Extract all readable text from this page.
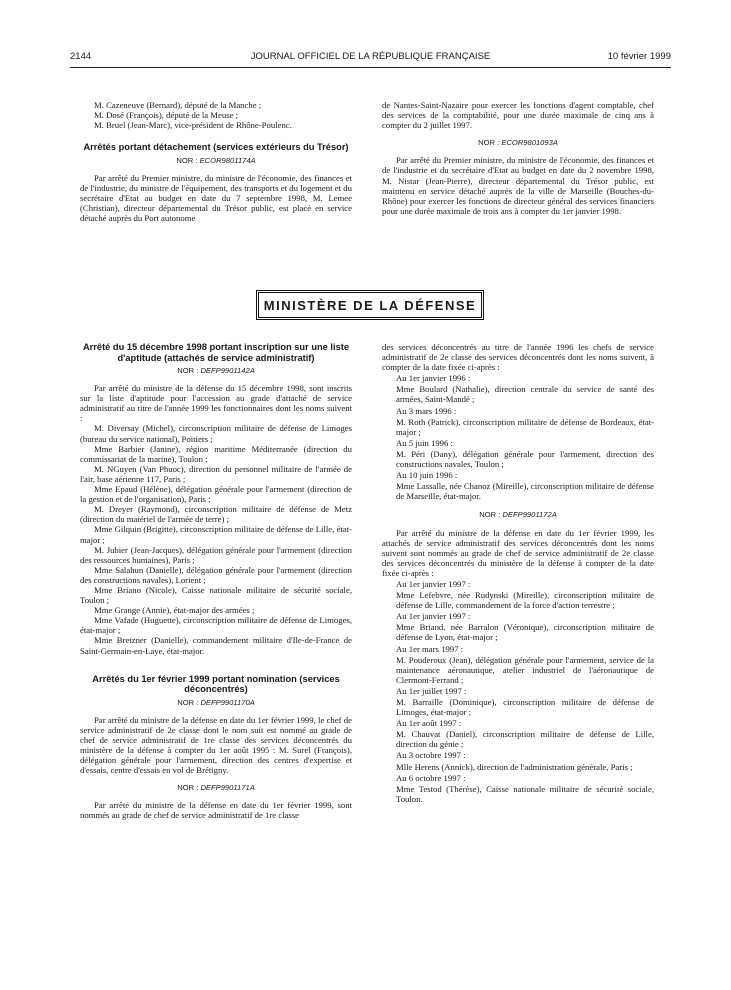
2144	JOURNAL OFFICIEL DE LA RÉPUBLIQUE FRANÇAISE	10 février 1999

M. Cazeneuve (Bernard), député de la Manche ;

M. Dosé (François), député de la Meuse ;

M. Bruel (Jean-Marc), vice-président de Rhône-Poulenc.

Arrêtés portant détachement (services extérieurs du Trésor)
NOR : ECOR9801174A

Par arrêté du Premier ministre, du ministre de l'économie, des finances et de l'industrie, du ministre de l'équipement, des transports et du logement et du secrétaire d'Etat au budget en date du 7 septembre 1998, M. Lemee (Christian), directeur départemental du Trésor public, est placé en service détaché auprès du Port autonome

de Nantes-Saint-Nazaire pour exercer les fonctions d'agent comptable, chef des services de la comptabilité, pour une durée maximale de cinq ans à compter du 2 juillet 1997.

NOR : ECOR9801093A

Par arrêté du Premier ministre, du ministre de l'économie, des finances et de l'industrie et du secrétaire d'Etat au budget en date du 2 novembre 1998, M. Nistar (Jean-Pierre), directeur départemental du Trésor public, est maintenu en service détaché auprès de la ville de Marseille (Bouches-du-Rhône) pour exercer les fonctions de directeur général des services financiers pour une durée maximale de trois ans à compter du 1er janvier 1998.

MINISTÈRE DE LA DÉFENSE
Arrêté du 15 décembre 1998 portant inscription sur une liste d'aptitude (attachés de service administratif)
NOR : DEFP9901142A

Par arrêté du ministre de la défense du 15 décembre 1998, sont inscrits sur la liste d'aptitude pour l'accession au grade d'attaché de service administratif au titre de l'année 1999 les fonctionnaires dont les noms suivent :

M. Diversay (Michel), circonscription militaire de défense de Limoges (bureau du service national), Poitiers ;

Mme Barbier (Janine), région maritime Méditerranée (direction du commissariat de la marine), Toulon ;

M. NGuyen (Van Phuoc), direction du personnel militaire de l'armée de l'air, base aérienne 117, Paris ;

Mme Epaud (Hélène), délégation générale pour l'armement (direction de la gestion et de l'organisation), Paris ;

M. Dreyer (Raymond), circonscription militaire de défense de Metz (direction du matériel de l'armée de terre) ;

Mme Gilquin (Brigitte), circonscription militaire de défense de Lille, état-major ;

M. Jubier (Jean-Jacques), délégation générale pour l'armement (direction des ressources humaines), Paris ;

Mme Salahun (Danielle), délégation générale pour l'armement (direction des constructions navales), Lorient ;

Mme Briano (Nicole), Caisse nationale militaire de sécurité sociale, Toulon ;

Mme Grange (Annie), état-major des armées ;

Mme Vafade (Huguette), circonscription militaire de défense de Limoges, état-major ;

Mme Bretzner (Danielle), commandement militaire d'Ile-de-France de Saint-Germain-en-Laye, état-major.

Arrêtés du 1er février 1999 portant nomination (services déconcentrés)
NOR : DEFP9901170A

Par arrêté du ministre de la défense en date du 1er février 1999, le chef de service administratif de 2e classe dont le nom suit est nommé au grade de chef de service administratif de 1re classe des services déconcentrés du ministère de la défense à compter du 1er août 1995 : M. Surel (François), délégation générale pour l'armement, direction des centres d'expertise et d'essais, centre d'essais en vol de Brétigny.

NOR : DEFP9901171A

Par arrêté du ministre de la défense en date du 1er février 1999, sont nommés au grade de chef de service administratif de 1re classe

des services déconcentrés au titre de l'année 1996 les chefs de service administratif de 2e classe des services déconcentrés dont les noms suivent, à compter de la date fixée ci-après :

Au 1er janvier 1996 :

Mme Boulard (Nathalie), direction centrale du service de santé des armées, Saint-Mandé ;

Au 3 mars 1996 :

M. Roth (Patrick), circonscription militaire de défense de Bordeaux, état-major ;

Au 5 juin 1996 :

M. Péri (Dany), délégation générale pour l'armement, direction des constructions navales, Toulon ;

Au 10 juin 1996 :

Mme Lassalle, née Chanoz (Mireille), circonscription militaire de défense de Marseille, état-major.

NOR : DEFP9901172A

Par arrêté du ministre de la défense en date du 1er février 1999, les attachés de service administratif des services déconcentrés dont les noms suivent sont nommés au grade de chef de service administratif de 2e classe des services déconcentrés du ministère de la défense à compter de la date fixée ci-après :

Au 1er janvier 1997 :

Mme Lefebvre, née Rudynski (Mireille), circonscription militaire de défense de Lille, commandement de la force d'action terrestre ;

Au 1er janvier 1997 :

Mme Briand, née Barralon (Véronique), circonscription militaire de défense de Lyon, état-major ;

Au 1er mars 1997 :

M. Pouderoux (Jean), délégation générale pour l'armement, service de la maintenance aéronautique, atelier industriel de l'aéronautique de Clermont-Ferrand ;

Au 1er juillet 1997 :

M. Barraille (Dominique), circonscription militaire de défense de Limoges, état-major ;

Au 1er août 1997 :

M. Chauvat (Daniel), circonscription militaire de défense de Lille, direction du génie ;

Au 3 octobre 1997 :

Mlle Herens (Annick), direction de l'administration générale, Paris ;

Au 6 octobre 1997 :

Mme Testod (Thérèse), Caisse nationale militaire de sécurité sociale, Toulon.
